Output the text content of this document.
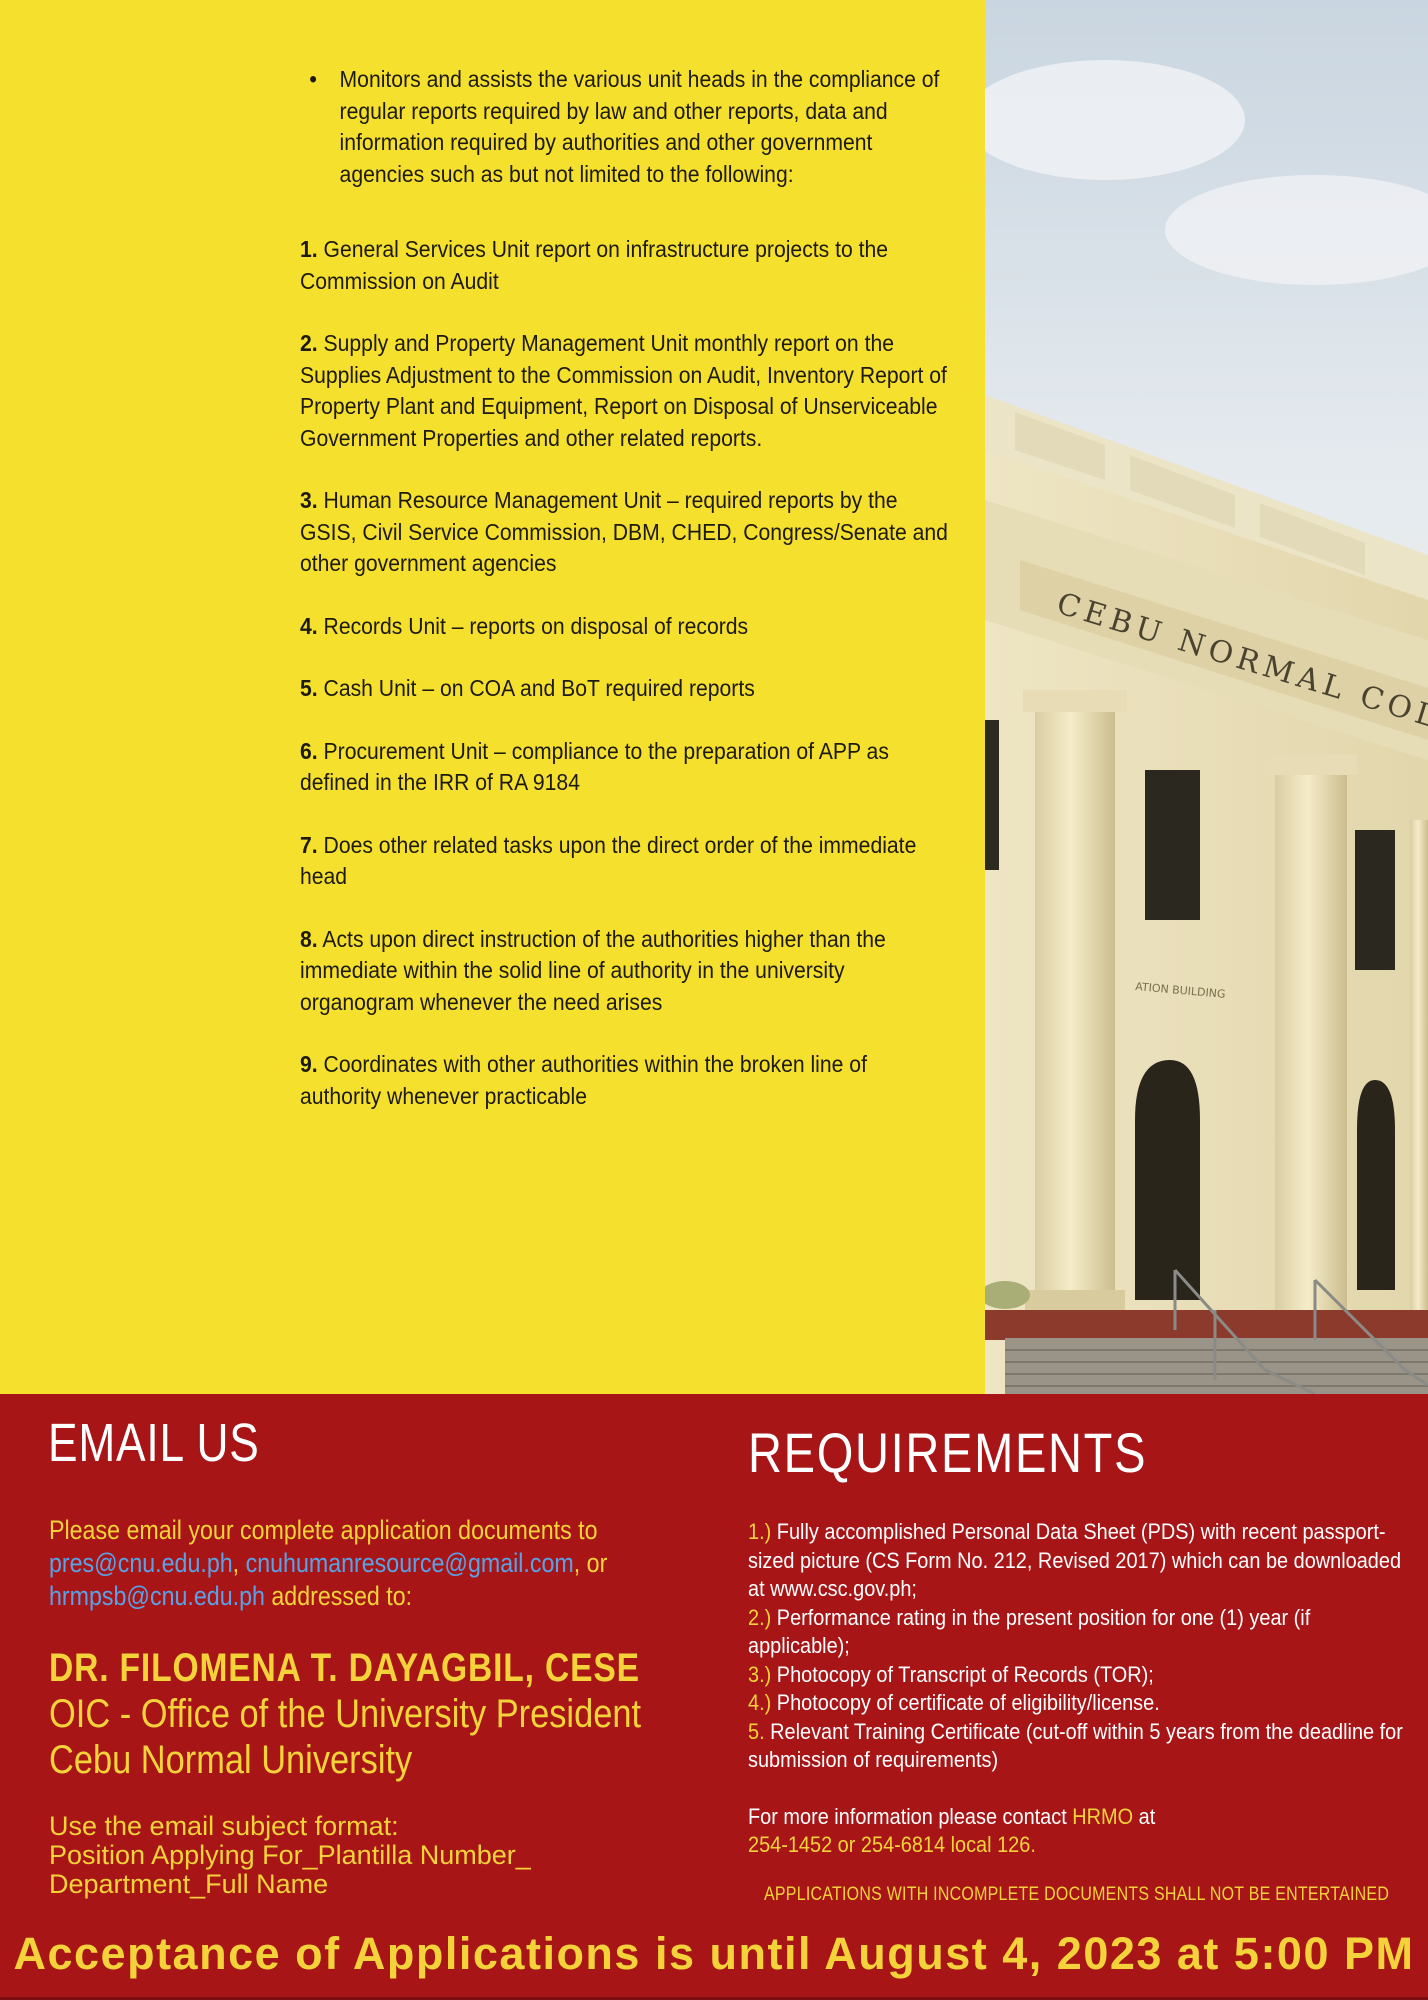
• Monitors and assists the various unit heads in the compliance of regular reports required by law and other reports, data and information required by authorities and other government agencies such as but not limited to the following:
1. General Services Unit report on infrastructure projects to the Commission on Audit
2. Supply and Property Management Unit monthly report on the Supplies Adjustment to the Commission on Audit, Inventory Report of Property Plant and Equipment, Report on Disposal of Unserviceable Government Properties and other related reports.
3. Human Resource Management Unit – required reports by the GSIS, Civil Service Commission, DBM, CHED, Congress/Senate and other government agencies
4. Records Unit – reports on disposal of records
5. Cash Unit – on COA and BoT required reports
6. Procurement Unit – compliance to the preparation of APP as defined in the IRR of RA 9184
7. Does other related tasks upon the direct order of the immediate head
8. Acts upon direct instruction of the authorities higher than the immediate within the solid line of authority in the university organogram whenever the need arises
9. Coordinates with other authorities within the broken line of authority whenever practicable
ATION BUILDING
EMAIL US
Please email your complete application documents to pres@cnu.edu.ph, cnuhumanresource@gmail.com, or hrmpsb@cnu.edu.ph addressed to:
DR. FILOMENA T. DAYAGBIL, CESE
OIC - Office of the University President
Cebu Normal University
Use the email subject format:
Position Applying For_Plantilla Number_
Department_Full Name
REQUIREMENTS
1.) Fully accomplished Personal Data Sheet (PDS) with recent passport-sized picture (CS Form No. 212, Revised 2017) which can be downloaded at www.csc.gov.ph;
2.) Performance rating in the present position for one (1) year (if applicable);
3.) Photocopy of Transcript of Records (TOR);
4.) Photocopy of certificate of eligibility/license.
5. Relevant Training Certificate (cut-off within 5 years from the deadline for submission of requirements)
For more information please contact HRMO at
254-1452 or 254-6814 local 126.
APPLICATIONS WITH INCOMPLETE DOCUMENTS SHALL NOT BE ENTERTAINED
Acceptance of Applications is until August 4, 2023 at 5:00 PM
